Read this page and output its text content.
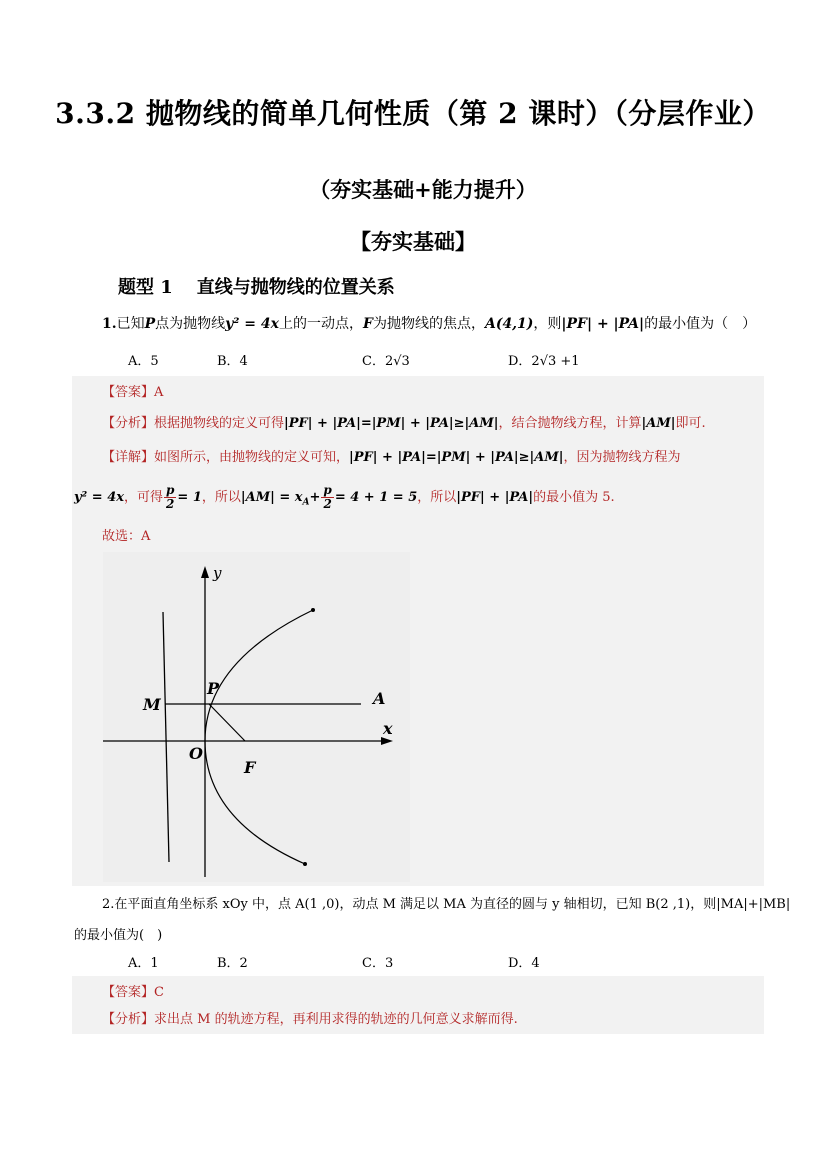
3.3.2 抛物线的简单几何性质（第 2 课时）（分层作业）
（夯实基础+能力提升）
【夯实基础】
题型 1 直线与抛物线的位置关系
1.已知P点为抛物线y² = 4x上的一动点，F为抛物线的焦点，A(4,1)，则|PF| + |PA|的最小值为（　）
A．5	B．4	C．2√3	D．2√3 +1
【答案】A
【分析】根据抛物线的定义可得|PF| + |PA|=|PM| + |PA|≥|AM|，结合抛物线方程，计算|AM|即可.
【详解】如图所示，由抛物线的定义可知，|PF| + |PA|=|PM| + |PA|≥|AM|，因为抛物线方程为
y² = 4x，可得 $\frac{p}{2} = 1$，所以$|AM| = x_A+ \frac{p}{2} = 4 + 1 = 5$，所以|PF| + |PA|的最小值为 5.
故选：A
y
x
O
M
P
A
F
2.在平面直角坐标系 xOy 中，点 A(1 ,0)，动点 M 满足以 MA 为直径的圆与 y 轴相切，已知 B(2 ,1)，则|MA|+|MB|
的最小值为(　)
A．1	B．2	C．3	D．4
【答案】C
【分析】求出点 M 的轨迹方程，再利用求得的轨迹的几何意义求解而得.
